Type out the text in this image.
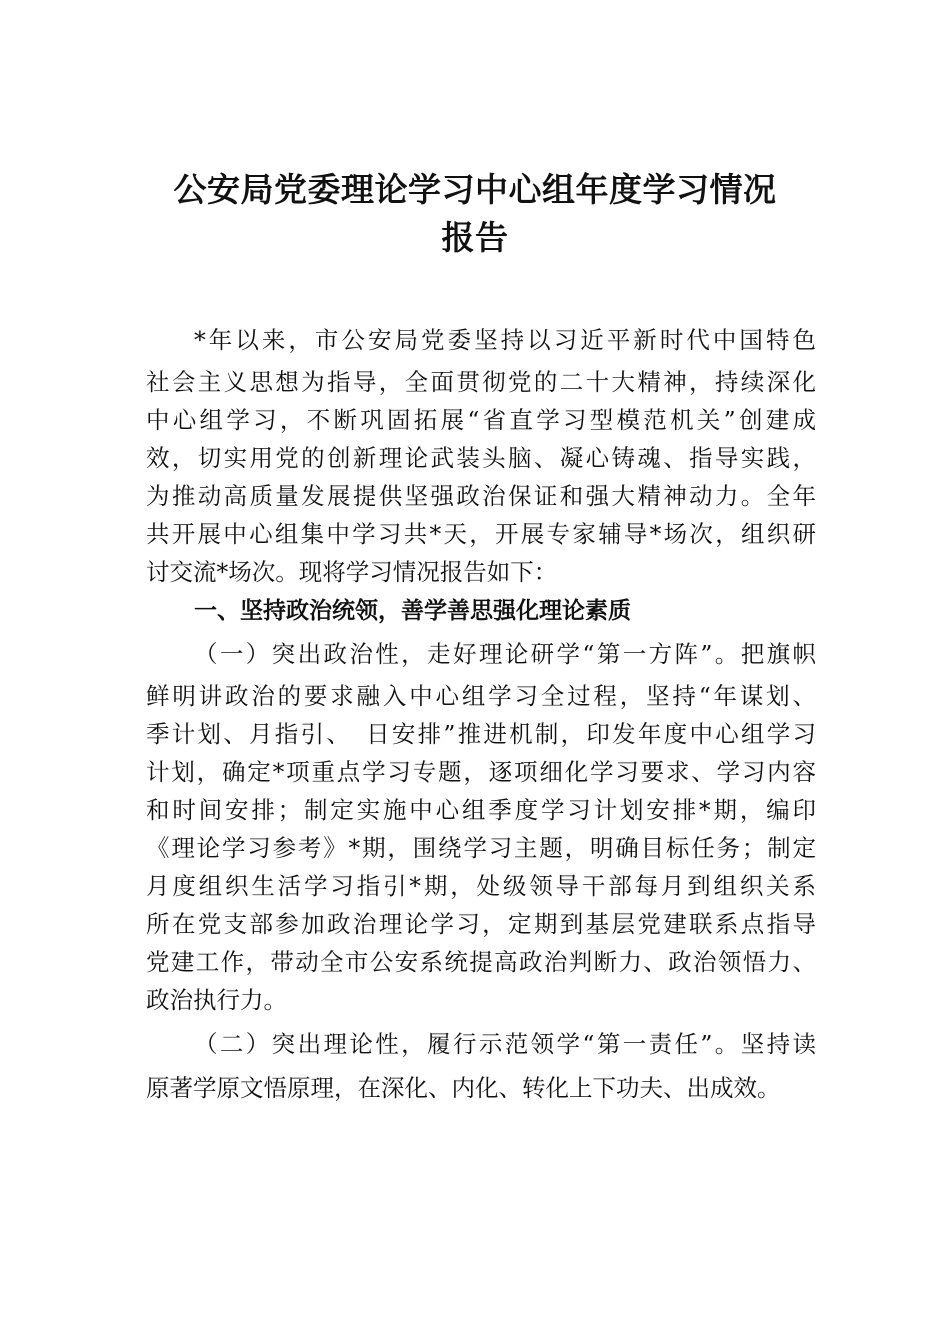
公安局党委理论学习中心组年度学习情况
报告

*年以来，市公安局党委坚持以习近平新时代中国特色

社会主义思想为指导，全面贯彻党的二十大精神，持续深化

中心组学习，不断巩固拓展“省直学习型模范机关”创建成

效，切实用党的创新理论武装头脑、凝心铸魂、指导实践，

为推动高质量发展提供坚强政治保证和强大精神动力。全年

共开展中心组集中学习共*天，开展专家辅导*场次，组织研

讨交流*场次。现将学习情况报告如下：

一、坚持政治统领，善学善思强化理论素质

（一）突出政治性，走好理论研学“第一方阵”。把旗帜

鲜明讲政治的要求融入中心组学习全过程，坚持“年谋划、

季计划、月指引、　日安排”推进机制，印发年度中心组学习

计划，确定*项重点学习专题，逐项细化学习要求、学习内容

和时间安排；制定实施中心组季度学习计划安排*期，编印

《理论学习参考》*期，围绕学习主题，明确目标任务；制定

月度组织生活学习指引*期，处级领导干部每月到组织关系

所在党支部参加政治理论学习，定期到基层党建联系点指导

党建工作，带动全市公安系统提高政治判断力、政治领悟力、

政治执行力。

（二）突出理论性，履行示范领学“第一责任”。坚持读

原著学原文悟原理，在深化、内化、转化上下功夫、出成效。
